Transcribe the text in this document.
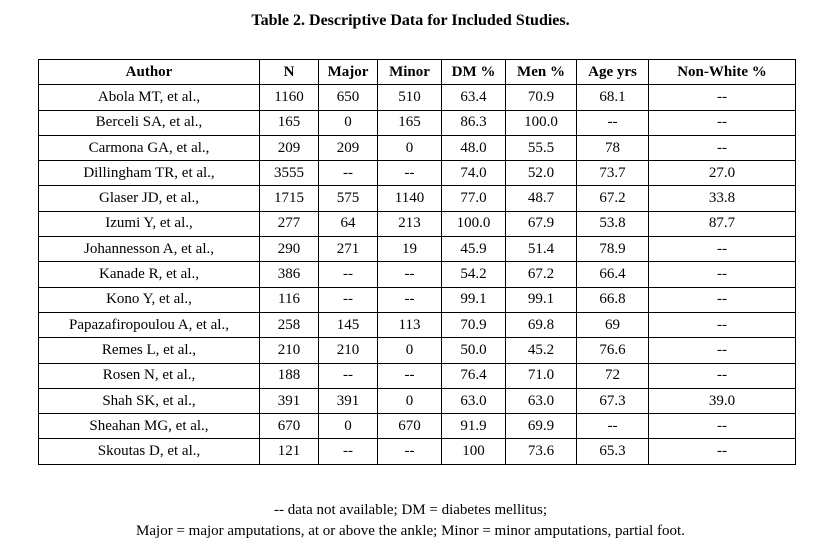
Table 2. Descriptive Data for Included Studies.
Author	N	Major	Minor	DM %	Men %	Age yrs	Non-White %
Abola MT, et al.,	1160	650	510	63.4	70.9	68.1	--
Berceli SA, et al.,	165	0	165	86.3	100.0	--	--
Carmona GA, et al.,	209	209	0	48.0	55.5	78	--
Dillingham TR, et al.,	3555	--	--	74.0	52.0	73.7	27.0
Glaser JD, et al.,	1715	575	1140	77.0	48.7	67.2	33.8
Izumi Y, et al.,	277	64	213	100.0	67.9	53.8	87.7
Johannesson A, et al.,	290	271	19	45.9	51.4	78.9	--
Kanade R, et al.,	386	--	--	54.2	67.2	66.4	--
Kono Y, et al.,	116	--	--	99.1	99.1	66.8	--
Papazafiropoulou A, et al.,	258	145	113	70.9	69.8	69	--
Remes L, et al.,	210	210	0	50.0	45.2	76.6	--
Rosen N, et al.,	188	--	--	76.4	71.0	72	--
Shah SK, et al.,	391	391	0	63.0	63.0	67.3	39.0
Sheahan MG, et al.,	670	0	670	91.9	69.9	--	--
Skoutas D, et al.,	121	--	--	100	73.6	65.3	--
-- data not available; DM = diabetes mellitus;
Major = major amputations, at or above the ankle; Minor = minor amputations, partial foot.
